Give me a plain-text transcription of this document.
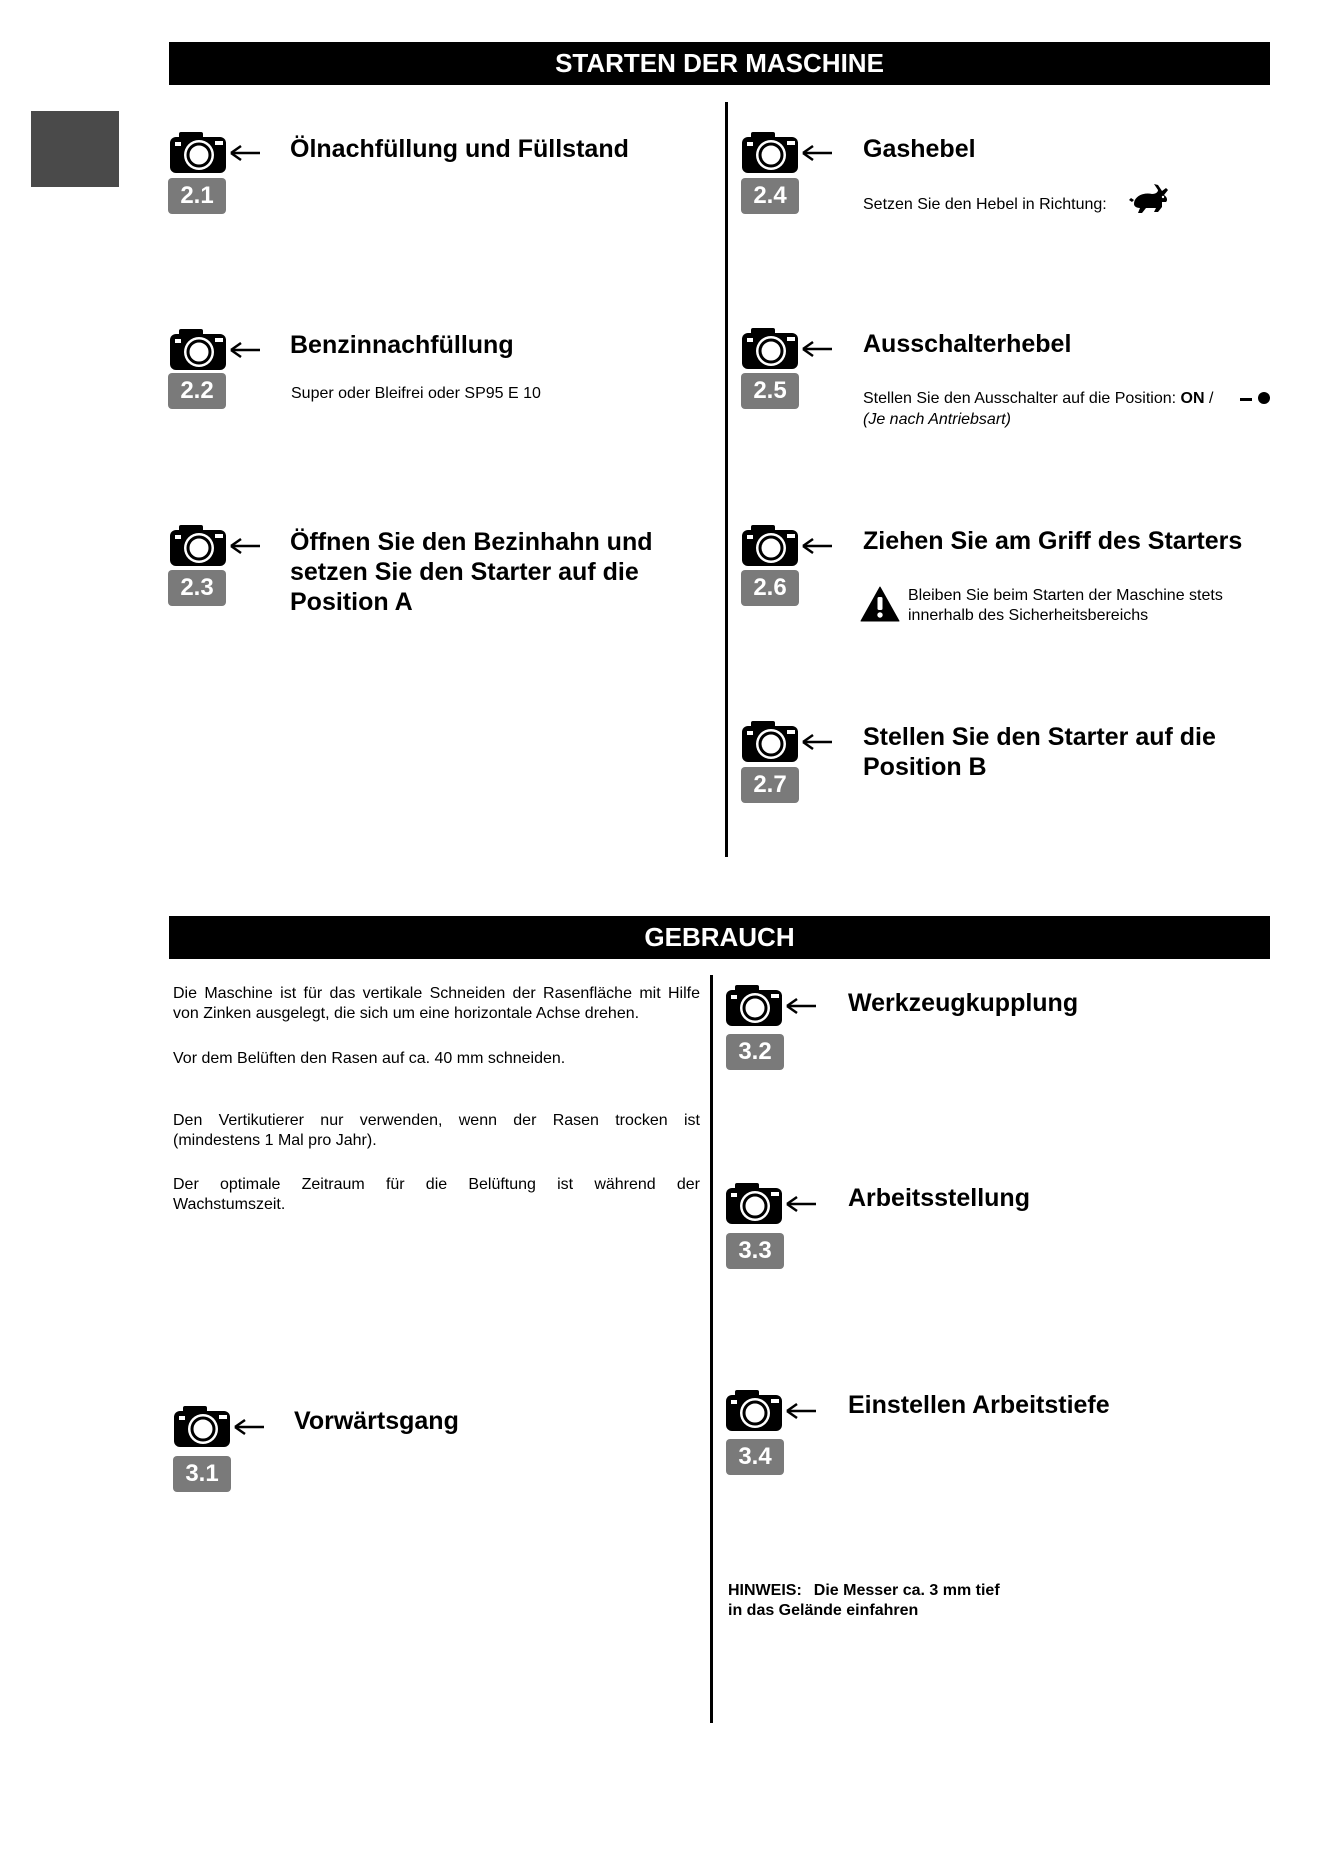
STARTEN DER MASCHINE
2.1
Ölnachfüllung und Füllstand
2.2
Benzinnachfüllung
Super oder Bleifrei oder SP95 E 10
2.3
Öffnen Sie den Bezinhahn und
setzen Sie den Starter auf die
Position A
2.4
Gashebel
Setzen Sie den Hebel in Richtung:
2.5
Ausschalterhebel
Stellen Sie den Ausschalter auf die Position: ON /
(Je nach Antriebsart)
2.6
Ziehen Sie am Griff des Starters
Bleiben Sie beim Starten der Maschine stets
innerhalb des Sicherheitsbereichs
2.7
Stellen Sie den Starter auf die
Position B
GEBRAUCH
Die Maschine ist für das vertikale Schneiden der Rasenfläche mit Hilfe
von Zinken ausgelegt, die sich um eine horizontale Achse drehen.
Vor dem Belüften den Rasen auf ca. 40 mm schneiden.
Den Vertikutierer nur verwenden, wenn der Rasen trocken ist
(mindestens 1 Mal pro Jahr).
Der optimale Zeitraum für die Belüftung ist während der
Wachstumszeit.
3.1
Vorwärtsgang
3.2
Werkzeugkupplung
3.3
Arbeitsstellung
3.4
Einstellen Arbeitstiefe
HINWEIS: Die Messer ca. 3 mm tief
in das Gelände einfahren
